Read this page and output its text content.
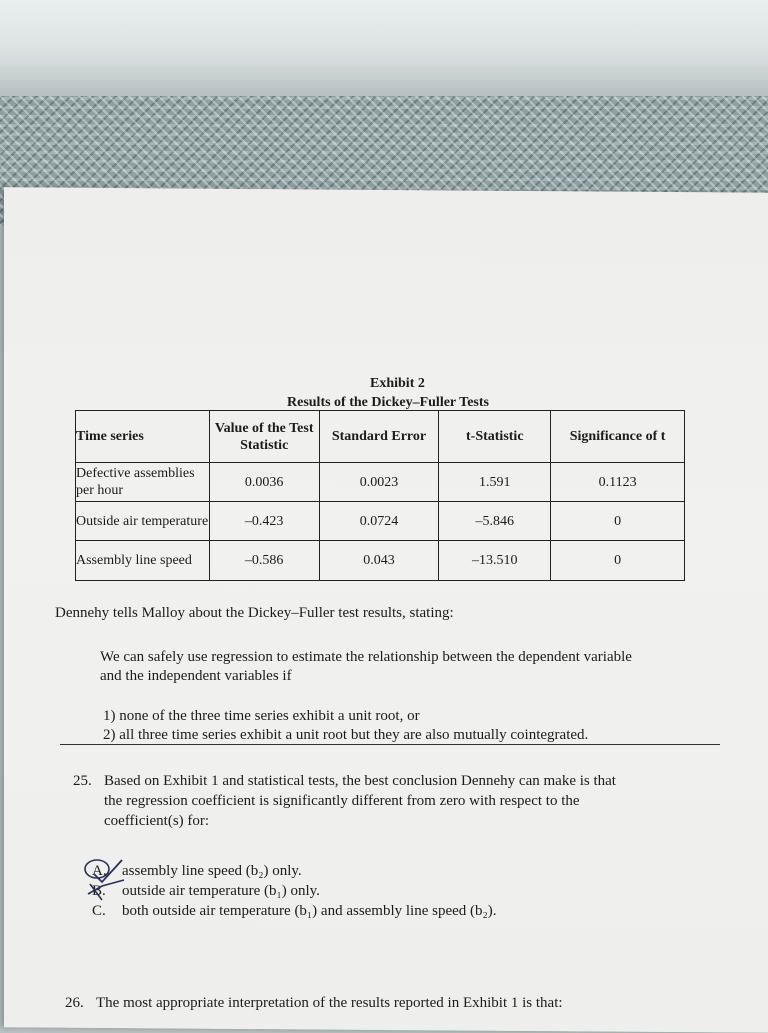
Exhibit 2
Results of the Dickey–Fuller Tests
Time series	Value of the Test Statistic	Standard Error	t-Statistic	Significance of t
Defective assemblies per hour	0.0036	0.0023	1.591	0.1123
Outside air temperature	–0.423	0.0724	–5.846	0
Assembly line speed	–0.586	0.043	–13.510	0
Dennehy tells Malloy about the Dickey–Fuller test results, stating:
We can safely use regression to estimate the relationship between the dependent variable
and the independent variables if
1) none of the three time series exhibit a unit root, or
2) all three time series exhibit a unit root but they are also mutually cointegrated.
25. Based on Exhibit 1 and statistical tests, the best conclusion Dennehy can make is that
the regression coefficient is significantly different from zero with respect to the
coefficient(s) for:
A. assembly line speed (b₂) only.
B. outside air temperature (b₁) only.
C. both outside air temperature (b₁) and assembly line speed (b₂).
26. The most appropriate interpretation of the results reported in Exhibit 1 is that:
